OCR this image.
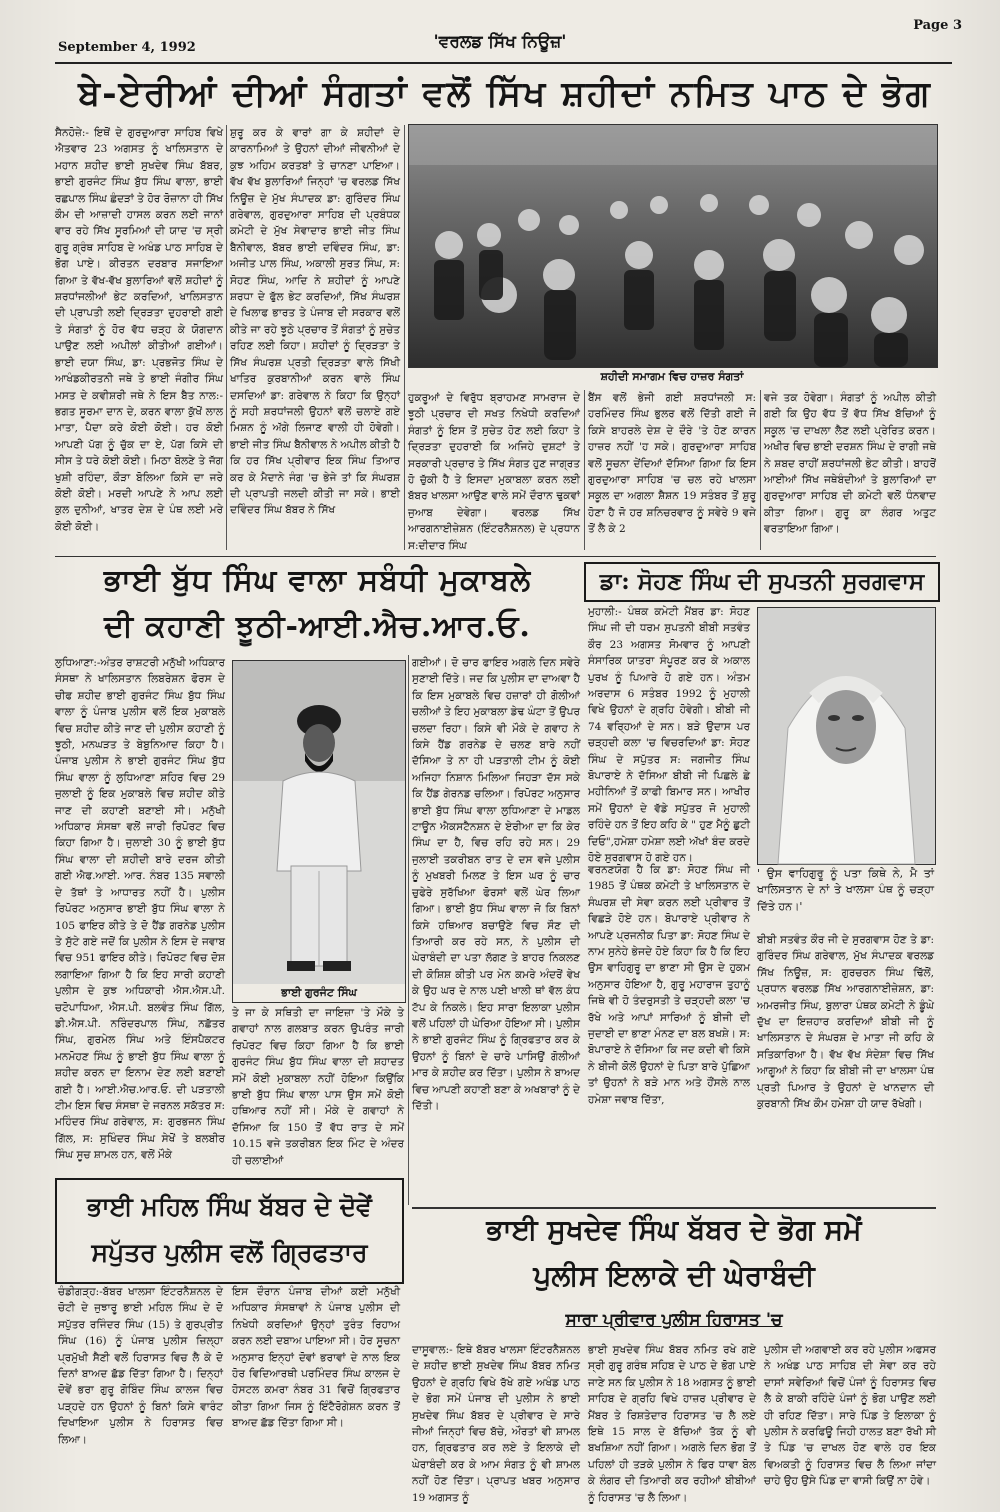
Page 3
September 4, 1992	'ਵਰਲਡ ਸਿੱਖ ਨਿਊਜ਼'
ਬੇ-ਏਰੀਆਂ ਦੀਆਂ ਸੰਗਤਾਂ ਵਲੋਂ ਸਿੱਖ ਸ਼ਹੀਦਾਂ ਨਮਿਤ ਪਾਠ ਦੇ ਭੋਗ
ਸੈਨਹੋਜ਼ੇ:- ਇਥੋਂ ਦੇ ਗੁਰਦੁਆਰਾ ਸਾਹਿਬ ਵਿਖੇ ਐਤਵਾਰ 23 ਅਗਸਤ ਨੂੰ ਖਾਲਿਸਤਾਨ ਦੇ ਮਹਾਨ ਸ਼ਹੀਦ ਭਾਈ ਸੁਖਦੇਵ ਸਿੰਘ ਬੱਬਰ, ਭਾਈ ਗੁਰਜੰਟ ਸਿੰਘ ਬੁੱਧ ਸਿੰਘ ਵਾਲਾ, ਭਾਈ ਰਛਪਾਲ ਸਿੰਘ ਛੰਦੜਾਂ ਤੇ ਹੋਰ ਰੋਜ਼ਾਨਾ ਹੀ ਸਿੱਖ ਕੌਮ ਦੀ ਆਜ਼ਾਦੀ ਹਾਸਲ ਕਰਨ ਲਈ ਜਾਨਾਂ ਵਾਰ ਰਹੇ ਸਿੱਖ ਸੂਰਮਿਆਂ ਦੀ ਯਾਦ 'ਚ ਸ੍ਰੀ ਗੁਰੂ ਗ੍ਰੰਥ ਸਾਹਿਬ ਦੇ ਅਖੰਡ ਪਾਠ ਸਾਹਿਬ ਦੇ ਭੋਗ ਪਾਏ। ਕੀਰਤਨ ਦਰਬਾਰ ਸਜਾਇਆ ਗਿਆ ਤੇ ਵੱਖ-ਵੱਖ ਬੁਲਾਰਿਆਂ ਵਲੋਂ ਸ਼ਹੀਦਾਂ ਨੂੰ ਸ਼ਰਧਾਂਜਲੀਆਂ ਭੇਟ ਕਰਦਿਆਂ, ਖਾਲਿਸਤਾਨ ਦੀ ਪ੍ਰਾਪਤੀ ਲਈ ਦ੍ਰਿੜਤਾ ਦੁਹਰਾਈ ਗਈ ਤੇ ਸੰਗਤਾਂ ਨੂੰ ਹੋਰ ਵੱਧ ਚੜ੍ਹ ਕੇ ਯੋਗਦਾਨ ਪਾਉਣ ਲਈ ਅਪੀਲਾਂ ਕੀਤੀਆਂ ਗਈਆਂ। ਭਾਈ ਦਯਾ ਸਿੰਘ, ਡਾ: ਪ੍ਰਭਜੋਤ ਸਿੰਘ ਦੇ ਆਖੰਡਕੀਰਤਨੀ ਜਥੇ ਤੇ ਭਾਈ ਜੰਗੀਰ ਸਿੰਘ ਮਸਤ ਦੇ ਕਵੀਸ਼ਰੀ ਜਥੇ ਨੇ ਇਸ ਬੈਤ ਨਾਲ:- ਭਗਤ ਸੂਰਮਾ ਦਾਨ ਦੇ, ਕਰਨ ਵਾਲਾ ਕੁੱਖੋਂ ਲਾਲ ਮਾਤਾ, ਪੈਦਾ ਕਰੇ ਕੋਈ ਕੋਈ। ਹਰ ਕੋਈ ਆਪਣੀ ਪੱਗ ਨੂੰ ਚੁੱਕ ਦਾ ਏ, ਪੱਗ ਕਿਸੇ ਦੀ ਸੀਸ ਤੇ ਧਰੇ ਕੋਈ ਕੋਈ। ਮਿਠਾ ਬੋਲਣੇ ਤੇ ਜੱਗ ਖੁਸ਼ੀ ਰਹਿੰਦਾ, ਕੌੜਾ ਬੋਲਿਆ ਕਿਸੇ ਦਾ ਜਰੇ ਕੋਈ ਕੋਈ। ਮਰਦੀ ਆਪਣੇ ਨੇ ਆਪ ਲਈ ਕੁਲ ਦੁਨੀਆਂ, ਖਾਤਰ ਦੇਸ਼ ਦੇ ਪੰਥ ਲਈ ਮਰੇ ਕੋਈ ਕੋਈ।
ਸ਼ੁਰੂ ਕਰ ਕੇ ਵਾਰਾਂ ਗਾ ਕੇ ਸ਼ਹੀਦਾਂ ਦੇ ਕਾਰਨਾਮਿਆਂ ਤੇ ਉਹਨਾਂ ਦੀਆਂ ਜੀਵਨੀਆਂ ਦੇ ਕੁਝ ਅਹਿਮ ਕਰਤਬਾਂ ਤੇ ਚਾਨਣਾ ਪਾਇਆ। ਵੱਖ ਵੱਖ ਬੁਲਾਰਿਆਂ ਜਿਨ੍ਹਾਂ 'ਚ ਵਰਲਡ ਸਿੱਖ ਨਿਊਜ਼ ਦੇ ਮੁੱਖ ਸੰਪਾਦਕ ਡਾ: ਗੁਰਿੰਦਰ ਸਿੰਘ ਗਰੇਵਾਲ, ਗੁਰਦੁਆਰਾ ਸਾਹਿਬ ਦੀ ਪ੍ਰਬੰਧਕ ਕਮੇਟੀ ਦੇ ਮੁੱਖ ਸੇਵਾਦਾਰ ਭਾਈ ਜੀਤ ਸਿੰਘ ਬੈਨੀਵਾਲ, ਬੱਬਰ ਭਾਈ ਦਵਿੰਦਰ ਸਿੰਘ, ਡਾ: ਅਜੀਤ ਪਾਲ ਸਿੰਘ, ਅਕਾਲੀ ਸੁਰਤ ਸਿੰਘ, ਸ: ਸੋਹਣ ਸਿੰਘ, ਆਦਿ ਨੇ ਸ਼ਹੀਦਾਂ ਨੂੰ ਆਪਣੇ ਸ਼ਰਧਾ ਦੇ ਫੁੱਲ ਭੇਟ ਕਰਦਿਆਂ, ਸਿੱਖ ਸੰਘਰਸ਼ ਦੇ ਖਿਲਾਫ ਭਾਰਤ ਤੇ ਪੰਜਾਬ ਦੀ ਸਰਕਾਰ ਵਲੋਂ ਕੀਤੇ ਜਾ ਰਹੇ ਝੂਠੇ ਪ੍ਰਚਾਰ ਤੋਂ ਸੰਗਤਾਂ ਨੂੰ ਸੁਚੇਤ ਰਹਿਣ ਲਈ ਕਿਹਾ। ਸ਼ਹੀਦਾਂ ਨੂੰ ਦ੍ਰਿੜਤਾ ਤੇ ਸਿੱਖ ਸੰਘਰਸ਼ ਪ੍ਰਤੀ ਦ੍ਰਿੜਤਾ ਵਾਲੇ ਸਿੱਖੀ ਖਾਤਿਰ ਕੁਰਬਾਨੀਆਂ ਕਰਨ ਵਾਲੇ ਸਿੰਘ ਦਸਦਿਆਂ ਡਾ: ਗਰੇਵਾਲ ਨੇ ਕਿਹਾ ਕਿ ਉਨ੍ਹਾਂ ਨੂੰ ਸਹੀ ਸ਼ਰਧਾਂਜਲੀ ਉਹਨਾਂ ਵਲੋਂ ਚਲਾਏ ਗਏ ਮਿਸ਼ਨ ਨੂੰ ਅੱਗੇ ਲਿਜਾਣ ਵਾਲੀ ਹੀ ਹੋਵੇਗੀ। ਭਾਈ ਜੀਤ ਸਿੰਘ ਬੈਨੀਵਾਲ ਨੇ ਅਪੀਲ ਕੀਤੀ ਹੈ ਕਿ ਹਰ ਸਿੱਖ ਪ੍ਰੀਵਾਰ ਇਕ ਸਿੰਘ ਤਿਆਰ ਕਰ ਕੇ ਮੈਦਾਨੇ ਜੰਗ 'ਚ ਭੇਜੇ ਤਾਂ ਕਿ ਸੰਘਰਸ਼ ਦੀ ਪ੍ਰਾਪਤੀ ਜਲਦੀ ਕੀਤੀ ਜਾ ਸਕੇ। ਭਾਈ ਦਵਿੰਦਰ ਸਿੰਘ ਬੱਬਰ ਨੇ ਸਿੱਖ
ਸ਼ਹੀਦੀ ਸਮਾਗਮ ਵਿਚ ਹਾਜ਼ਰ ਸੰਗਤਾਂ
ਹੁਕਰੂਆਂ ਦੇ ਵਿਰੁੱਧ ਬ੍ਰਾਹਮਣ ਸਾਮਰਾਜ ਦੇ ਝੂਠੀ ਪ੍ਰਚਾਰ ਦੀ ਸਖਤ ਨਿਖੇਧੀ ਕਰਦਿਆਂ ਸੰਗਤਾਂ ਨੂੰ ਇਸ ਤੋਂ ਸੁਚੇਤ ਹੋਣ ਲਈ ਕਿਹਾ ਤੇ ਦ੍ਰਿੜਤਾ ਦੁਹਰਾਈ ਕਿ ਅਜਿਹੇ ਦੁਸ਼ਟਾਂ ਤੇ ਸਰਕਾਰੀ ਪ੍ਰਚਾਰ ਤੇ ਸਿੱਖ ਸੰਗਤ ਹੁਣ ਜਾਗ੍ਰਤ ਹੋ ਚੁੱਕੀ ਹੈ ਤੇ ਇਸਦਾ ਮੁਕਾਬਲਾ ਕਰਨ ਲਈ ਬੱਬਰ ਖਾਲਸਾ ਆਉਣ ਵਾਲੇ ਸਮੇਂ ਦੌਰਾਨ ਢੁਕਵਾਂ ਜੁਆਬ ਦੇਵੇਗਾ। ਵਰਲਡ ਸਿੱਖ ਆਰਗਨਾਈਜ਼ੇਸ਼ਨ (ਇੰਟਰਨੈਸ਼ਨਲ) ਦੇ ਪ੍ਰਧਾਨ ਸ:ਦੀਦਾਰ ਸਿੰਘ
ਬੈਂਸ ਵਲੋਂ ਭੇਜੀ ਗਈ ਸ਼ਰਧਾਂਜਲੀ ਸ: ਹਰਮਿੰਦਰ ਸਿੰਘ ਭੁਲਰ ਵਲੋਂ ਦਿੱਤੀ ਗਈ ਜੋ ਕਿਸੇ ਬਾਹਰਲੇ ਦੇਸ਼ ਦੇ ਦੌਰੇ 'ਤੇ ਹੋਣ ਕਾਰਨ ਹਾਜ਼ਰ ਨਹੀਂ 'ਹ ਸਕੇ। ਗੁਰਦੁਆਰਾ ਸਾਹਿਬ ਵਲੋਂ ਸੂਚਨਾ ਦੇਂਦਿਆਂ ਦੱਸਿਆ ਗਿਆ ਕਿ ਇਸ ਗੁਰਦੁਆਰਾ ਸਾਹਿਬ 'ਚ ਚਲ ਰਹੇ ਖਾਲਸਾ ਸਕੂਲ ਦਾ ਅਗਲਾ ਸ਼ੈਸ਼ਨ 19 ਸਤੰਬਰ ਤੋਂ ਸ਼ੁਰੂ ਹੋਣਾ ਹੈ ਜੋ ਹਰ ਸ਼ਨਿਚਰਵਾਰ ਨੂੰ ਸਵੇਰੇ 9 ਵਜੇ ਤੋਂ ਲੈ ਕੇ 2
ਵਜੇ ਤਕ ਹੋਵੇਗਾ। ਸੰਗਤਾਂ ਨੂੰ ਅਪੀਲ ਕੀਤੀ ਗਈ ਕਿ ਉਹ ਵੱਧ ਤੋਂ ਵੱਧ ਸਿੱਖ ਬੱਚਿਆਂ ਨੂੰ ਸਕੂਲ 'ਚ ਦਾਖਲਾ ਲੈਣ ਲਈ ਪ੍ਰੇਰਿਤ ਕਰਨ। ਅਖੀਰ ਵਿਚ ਭਾਈ ਦਰਸ਼ਨ ਸਿੰਘ ਦੇ ਰਾਗੀ ਜਥੇ ਨੇ ਸ਼ਬਦ ਰਾਹੀਂ ਸ਼ਰਧਾਂਜਲੀ ਭੇਟ ਕੀਤੀ। ਬਾਹਰੋਂ ਆਈਆਂ ਸਿੱਖ ਜਥੇਬੰਦੀਆਂ ਤੇ ਬੁਲਾਰਿਆਂ ਦਾ ਗੁਰਦੁਆਰਾ ਸਾਹਿਬ ਦੀ ਕਮੇਟੀ ਵਲੋਂ ਧੰਨਵਾਦ ਕੀਤਾ ਗਿਆ। ਗੁਰੂ ਕਾ ਲੰਗਰ ਅਤੁਟ ਵਰਤਾਇਆ ਗਿਆ।
ਭਾਈ ਬੁੱਧ ਸਿੰਘ ਵਾਲਾ ਸਬੰਧੀ ਮੁਕਾਬਲੇ
ਦੀ ਕਹਾਣੀ ਝੂਠੀ-ਆਈ.ਐਚ.ਆਰ.ਓ.
ਲੁਧਿਆਣਾ:-ਅੰਤਰ ਰਾਸ਼ਟਰੀ ਮਨੁੱਖੀ ਅਧਿਕਾਰ ਸੰਸਥਾ ਨੇ ਖਾਲਿਸਤਾਨ ਲਿਬਰੇਸ਼ਨ ਫੋਰਸ ਦੇ ਚੀਫ ਸ਼ਹੀਦ ਭਾਈ ਗੁਰਜੰਟ ਸਿੰਘ ਬੁੱਧ ਸਿੰਘ ਵਾਲਾ ਨੂੰ ਪੰਜਾਬ ਪੁਲੀਸ ਵਲੋਂ ਇਕ ਮੁਕਾਬਲੇ ਵਿਚ ਸ਼ਹੀਦ ਕੀਤੇ ਜਾਣ ਦੀ ਪੁਲੀਸ ਕਹਾਣੀ ਨੂੰ ਝੂਠੀ, ਮਨਘੜਤ ਤੇ ਬੇਬੁਨਿਆਦ ਕਿਹਾ ਹੈ। ਪੰਜਾਬ ਪੁਲੀਸ ਨੇ ਭਾਈ ਗੁਰਜੰਟ ਸਿੰਘ ਬੁੱਧ ਸਿੰਘ ਵਾਲਾ ਨੂੰ ਲੁਧਿਆਣਾ ਸ਼ਹਿਰ ਵਿਚ 29 ਜੁਲਾਈ ਨੂੰ ਇਕ ਮੁਕਾਬਲੇ ਵਿਚ ਸ਼ਹੀਦ ਕੀਤੇ ਜਾਣ ਦੀ ਕਹਾਣੀ ਬਣਾਈ ਸੀ। ਮਨੁੱਖੀ ਅਧਿਕਾਰ ਸੰਸਥਾ ਵਲੋਂ ਜਾਰੀ ਰਿਪੋਰਟ ਵਿਚ ਕਿਹਾ ਗਿਆ ਹੈ। ਜੁਲਾਈ 30 ਨੂੰ ਭਾਈ ਬੁੱਧ ਸਿੰਘ ਵਾਲਾ ਦੀ ਸ਼ਹੀਦੀ ਬਾਰੇ ਦਰਜ ਕੀਤੀ ਗਈ ਐਫ.ਆਈ. ਆਰ. ਨੰਬਰ 135 ਸਵਾਲੀ ਦੇ ਤੱਥਾਂ ਤੇ ਆਧਾਰਤ ਨਹੀਂ ਹੈ। ਪੁਲੀਸ ਰਿਪੋਰਟ ਅਨੁਸਾਰ ਭਾਈ ਬੁੱਧ ਸਿੰਘ ਵਾਲਾ ਨੇ 105 ਫਾਇਰ ਕੀਤੇ ਤੇ ਦੋ ਹੈਂਡ ਗਰਨੇਡ ਪੁਲੀਸ ਤੇ ਸੁੱਟੇ ਗਏ ਜਦੋਂ ਕਿ ਪੁਲੀਸ ਨੇ ਇਸ ਦੇ ਜਵਾਬ ਵਿਚ 951 ਫਾਇਰ ਕੀਤੇ। ਰਿਪੋਰਟ ਵਿਚ ਦੋਸ਼ ਲਗਾਇਆ ਗਿਆ ਹੈ ਕਿ ਇਹ ਸਾਰੀ ਕਹਾਣੀ ਪੁਲੀਸ ਦੇ ਕੁਝ ਅਧਿਕਾਰੀ ਐਸ.ਐਸ.ਪੀ. ਚਟੋਪਾਧਿਆ, ਐਸ.ਪੀ. ਬਲਵੰਤ ਸਿੰਘ ਗਿੱਲ, ਡੀ.ਐਸ.ਪੀ. ਨਰਿੰਦਰਪਾਲ ਸਿੰਘ, ਨਛੱਤਰ ਸਿੰਘ, ਗੁਰਮੇਲ ਸਿੰਘ ਅਤੇ ਇੰਸਪੈਕਟਰ ਮਨਮੋਹਣ ਸਿੰਘ ਨੂੰ ਭਾਈ ਬੁੱਧ ਸਿੰਘ ਵਾਲਾ ਨੂੰ ਸ਼ਹੀਦ ਕਰਨ ਦਾ ਇਨਾਮ ਦੇਣ ਲਈ ਬਣਾਈ ਗਈ ਹੈ। ਆਈ.ਐਚ.ਆਰ.ਓ. ਦੀ ਪੜਤਾਲੀ ਟੀਮ ਇਸ ਵਿਚ ਸੰਸਥਾ ਦੇ ਜਰਨਲ ਸਕੱਤਰ ਸ: ਮਹਿੰਦਰ ਸਿੰਘ ਗਰੇਵਾਲ, ਸ: ਗੁਰਭਜਨ ਸਿੰਘ ਗਿੱਲ, ਸ: ਸੁਖਿੰਦਰ ਸਿੰਘ ਸੇਖੋਂ ਤੇ ਬਲਬੀਰ ਸਿੰਘ ਸੂਚ ਸ਼ਾਮਲ ਹਨ, ਵਲੋਂ ਮੌਕੇ
ਭਾਈ ਗੁਰਜੰਟ ਸਿੰਘ
ਤੇ ਜਾ ਕੇ ਸਥਿਤੀ ਦਾ ਜਾਇਜ਼ਾ 'ਤੇ ਮੌਕੇ ਤੇ ਗਵਾਹਾਂ ਨਾਲ ਗਲਬਾਤ ਕਰਨ ਉਪਰੰਤ ਜਾਰੀ ਰਿਪੋਰਟ ਵਿਚ ਕਿਹਾ ਗਿਆ ਹੈ ਕਿ ਭਾਈ ਗੁਰਜੰਟ ਸਿੰਘ ਬੁੱਧ ਸਿੰਘ ਵਾਲਾ ਦੀ ਸ਼ਹਾਦਤ ਸਮੇਂ ਕੋਈ ਮੁਕਾਬਲਾ ਨਹੀਂ ਹੋਇਆ ਕਿਉਂਕਿ ਭਾਈ ਬੁੱਧ ਸਿੰਘ ਵਾਲਾ ਪਾਸ ਉਸ ਸਮੇਂ ਕੋਈ ਹਥਿਆਰ ਨਹੀਂ ਸੀ। ਮੌਕੇ ਦੇ ਗਵਾਹਾਂ ਨੇ ਦੱਸਿਆ ਕਿ 150 ਤੋਂ ਵੱਧ ਰਾਤ ਦੇ ਸਮੇਂ 10.15 ਵਜੇ ਤਕਰੀਬਨ ਇਕ ਮਿੰਟ ਦੇ ਅੰਦਰ ਹੀ ਚਲਾਈਆਂ
ਗਈਆਂ। ਦੋ ਚਾਰ ਫਾਇਰ ਅਗਲੇ ਦਿਨ ਸਵੇਰੇ ਸੁਣਾਈ ਦਿੱਤੇ। ਜਦ ਕਿ ਪੁਲੀਸ ਦਾ ਦਾਅਵਾ ਹੈ ਕਿ ਇਸ ਮੁਕਾਬਲੇ ਵਿਚ ਹਜ਼ਾਰਾਂ ਹੀ ਗੋਲੀਆਂ ਚਲੀਆਂ ਤੇ ਇਹ ਮੁਕਾਬਲਾ ਡੇਢ ਘੰਟਾ ਤੋਂ ਉਪਰ ਚਲਦਾ ਰਿਹਾ। ਕਿਸੇ ਵੀ ਮੌਕੇ ਦੇ ਗਵਾਹ ਨੇ ਕਿਸੇ ਹੈਂਡ ਗਰਨੇਡ ਦੇ ਚਲਣ ਬਾਰੇ ਨਹੀਂ ਦੱਸਿਆ ਤੇ ਨਾ ਹੀ ਪੜਤਾਲੀ ਟੀਮ ਨੂੰ ਕੋਈ ਅਜਿਹਾ ਨਿਸ਼ਾਨ ਮਿਲਿਆ ਜਿਹੜਾ ਦੱਸ ਸਕੇ ਕਿ ਹੈਂਡ ਗੇਰਨਡ ਚਲਿਆ। ਰਿਪੋਰਟ ਅਨੁਸਾਰ ਭਾਈ ਬੁੱਧ ਸਿੰਘ ਵਾਲਾ ਲੁਧਿਆਣਾ ਦੇ ਮਾਡਲ ਟਾਊਨ ਐਕਸਟੈਨਸ਼ਨ ਦੇ ਏਰੀਆ ਦਾ ਕਿ ਕੇਰ ਸਿੰਘ ਦਾ ਹੈ, ਵਿਚ ਰਹਿ ਰਹੇ ਸਨ। 29 ਜੁਲਾਈ ਤਕਰੀਬਨ ਰਾਤ ਦੇ ਦਸ ਵਜੇ ਪੁਲੀਸ ਨੂੰ ਮੁਖਬਰੀ ਮਿਲਣ ਤੇ ਇਸ ਘਰ ਨੂੰ ਚਾਰ ਚੁਫੇਰੇ ਸੁਰੱਖਿਆ ਫੋਰਸਾਂ ਵਲੋਂ ਘੇਰ ਲਿਆ ਗਿਆ। ਭਾਈ ਬੁੱਧ ਸਿੰਘ ਵਾਲਾ ਜੋ ਕਿ ਬਿਨਾਂ ਕਿਸੇ ਹਥਿਆਰ ਬਚਾਉਣੇ ਵਿਚ ਸੌਣ ਦੀ ਤਿਆਰੀ ਕਰ ਰਹੇ ਸਨ, ਨੇ ਪੁਲੀਸ ਦੀ ਘੇਰਾਬੰਦੀ ਦਾ ਪਤਾ ਲੱਗਣ ਤੇ ਬਾਹਰ ਨਿਕਲਣ ਦੀ ਕੋਸ਼ਿਸ਼ ਕੀਤੀ ਪਰ ਮੇਨ ਕਮਰੇ ਅੰਦਰੋਂ ਵੇਖ ਕੇ ਉਹ ਘਰ ਦੇ ਨਾਲ ਪਈ ਖਾਲੀ ਥਾਂ ਵੱਲ ਕੰਧ ਟੱਪ ਕੇ ਨਿਕਲੇ। ਇਹ ਸਾਰਾ ਇਲਾਕਾ ਪੁਲੀਸ ਵਲੋਂ ਪਹਿਲਾਂ ਹੀ ਘੇਰਿਆ ਹੋਇਆ ਸੀ। ਪੁਲੀਸ ਨੇ ਭਾਈ ਗੁਰਜੰਟ ਸਿੰਘ ਨੂੰ ਗ੍ਰਿਫਤਾਰ ਕਰ ਕੇ ਉਹਨਾਂ ਨੂੰ ਬਿਨਾਂ ਦੇ ਚਾਰੇ ਪਾਸਿਉਂ ਗੋਲੀਆਂ ਮਾਰ ਕੇ ਸ਼ਹੀਦ ਕਰ ਦਿੱਤਾ। ਪੁਲੀਸ ਨੇ ਬਾਅਦ ਵਿਚ ਆਪਣੀ ਕਹਾਣੀ ਬਣਾ ਕੇ ਅਖਬਾਰਾਂ ਨੂੰ ਦੇ ਦਿੱਤੀ।
ਡਾ: ਸੋਹਣ ਸਿੰਘ ਦੀ ਸੁਪਤਨੀ ਸੁਰਗਵਾਸ
ਮੁਹਾਲੀ:- ਪੰਥਕ ਕਮੇਟੀ ਮੈਂਬਰ ਡਾ: ਸੋਹਣ ਸਿੰਘ ਜੀ ਦੀ ਧਰਮ ਸੁਪਤਨੀ ਬੀਬੀ ਸਤਵੰਤ ਕੌਰ 23 ਅਗਸਤ ਸੋਮਵਾਰ ਨੂੰ ਆਪਣੀ ਸੰਸਾਰਿਕ ਯਾਤਰਾ ਸੰਪੂਰਣ ਕਰ ਕੇ ਅਕਾਲ ਪੁਰਖ ਨੂੰ ਪਿਆਰੇ ਹੋ ਗਏ ਹਨ। ਅੰਤਮ ਅਰਦਾਸ 6 ਸਤੰਬਰ 1992 ਨੂੰ ਮੁਹਾਲੀ ਵਿਖੇ ਉਹਨਾਂ ਦੇ ਗ੍ਰਹਿ ਹੋਵੇਗੀ। ਬੀਬੀ ਜੀ 74 ਵਰ੍ਹਿਆਂ ਦੇ ਸਨ। ਬੜੇ ਉਦਾਸ ਪਰ ਚੜ੍ਹਦੀ ਕਲਾ 'ਚ ਵਿਚਰਦਿਆਂ ਡਾ: ਸੋਹਣ ਸਿੰਘ ਦੇ ਸਪੁੱਤਰ ਸ: ਜਗਜੀਤ ਸਿੰਘ ਬੋਪਾਰਾਏ ਨੇ ਦੱਸਿਆ ਬੀਬੀ ਜੀ ਪਿਛਲੇ ਛੇ ਮਹੀਨਿਆਂ ਤੋਂ ਕਾਫੀ ਬਿਮਾਰ ਸਨ। ਆਖੀਰ ਸਮੇਂ ਉਹਨਾਂ ਦੇ ਵੱਡੇ ਸਪੁੱਤਰ ਜੋ ਮੁਹਾਲੀ ਰਹਿੰਦੇ ਹਨ ਤੋਂ ਇਹ ਕਹਿ ਕੇ " ਹੁਣ ਮੈਨੂੰ ਛੁਟੀ ਦਿਓ",ਹਮੇਸ਼ਾ ਹਮੇਸ਼ਾ ਲਈ ਅੱਖਾਂ ਬੰਦ ਕਰਦੇ ਹੋਏ ਸੁਰਗਵਾਸ ਹੋ ਗਏ ਹਨ।
ਵਰਨਣਯੋਗ ਹੈ ਕਿ ਡਾ: ਸੋਹਣ ਸਿੰਘ ਜੀ 1985 ਤੋਂ ਪੰਥਕ ਕਮੇਟੀ ਤੇ ਖਾਲਿਸਤਾਨ ਦੇ ਸੰਘਰਸ਼ ਦੀ ਸੇਵਾ ਕਰਨ ਲਈ ਪ੍ਰੀਵਾਰ ਤੋਂ ਵਿਛੜੇ ਹੋਏ ਹਨ। ਬੋਪਾਰਾਏ ਪ੍ਰੀਵਾਰ ਨੇ ਆਪਣੇ ਪ੍ਰਜਨੀਕ ਪਿਤਾ ਡਾ: ਸੋਹਣ ਸਿੰਘ ਦੇ ਨਾਮ ਸੁਨੇਹੇ ਭੇਜਦੇ ਹੋਏ ਕਿਹਾ ਕਿ ਹੈ ਕਿ ਇਹ ਉਸ ਵਾਹਿਗੁਰੂ ਦਾ ਭਾਣਾ ਸੀ ਉਸ ਦੇ ਹੁਕਮ ਅਨੁਸਾਰ ਹੋਇਆ ਹੈ, ਗੁਰੂ ਮਹਾਰਾਜ ਤੁਹਾਨੂੰ ਜਿਥੇ ਵੀ ਹੋ ਤੰਦਰੁਸਤੀ ਤੇ ਚੜ੍ਹਦੀ ਕਲਾ 'ਚ ਰੱਖੇ ਅਤੇ ਆਪਾਂ ਸਾਰਿਆਂ ਨੂੰ ਬੀਜੀ ਦੀ ਜੁਦਾਈ ਦਾ ਭਾਣਾ ਮੰਨਣ ਦਾ ਬਲ ਬਖਸ਼ੇ। ਸ: ਬੋਪਾਰਾਏ ਨੇ ਦੱਸਿਆ ਕਿ ਜਦ ਕਦੀ ਵੀ ਕਿਸੇ ਨੇ ਬੀਜੀ ਕੋਲੋਂ ਉਹਨਾਂ ਦੇ ਪਿਤਾ ਬਾਰੇ ਪੁੱਛਿਆ ਤਾਂ ਉਹਨਾਂ ਨੇ ਬੜੇ ਮਾਨ ਅਤੇ ਹੌਂਸਲੇ ਨਾਲ ਹਮੇਸ਼ਾ ਜਵਾਬ ਦਿੱਤਾ,
' ਉਸ ਵਾਹਿਗੁਰੂ ਨੂੰ ਪਤਾ ਕਿਥੇ ਨੇ, ਮੈ ਤਾਂ ਖਾਲਿਸਤਾਨ ਦੇ ਨਾਂ ਤੇ ਖਾਲਸਾ ਪੰਥ ਨੂੰ ਚੜ੍ਹਾ ਦਿੱਤੇ ਹਨ।'
ਬੀਬੀ ਸਤਵੰਤ ਕੌਰ ਜੀ ਦੇ ਸੁਰਗਵਾਸ ਹੋਣ ਤੇ ਡਾ: ਗੁਰਿੰਦਰ ਸਿੰਘ ਗਰੇਵਾਲ, ਮੁੱਖ ਸੰਪਾਦਕ ਵਰਲਡ ਸਿੱਖ ਨਿਊਜ਼, ਸ: ਗੁਰਚਰਨ ਸਿੰਘ ਢਿੱਲੋਂ, ਪ੍ਰਧਾਨ ਵਰਲਡ ਸਿੱਖ ਆਰਗਨਾਈਜ਼ੇਸ਼ਨ, ਡਾ: ਅਮਰਜੀਤ ਸਿੰਘ, ਬੁਲਾਰਾ ਪੰਥਕ ਕਮੇਟੀ ਨੇ ਡੂੰਘੇ ਦੁੱਖ ਦਾ ਇਜ਼ਹਾਰ ਕਰਦਿਆਂ ਬੀਬੀ ਜੀ ਨੂੰ ਖਾਲਿਸਤਾਨ ਦੇ ਸੰਘਰਸ਼ ਦੇ ਮਾਤਾ ਜੀ ਕਹਿ ਕੇ ਸਤਿਕਾਰਿਆ ਹੈ। ਵੱਖ ਵੱਖ ਸੰਦੇਸ਼ਾ ਵਿਚ ਸਿੱਖ ਆਗੂਆਂ ਨੇ ਕਿਹਾ ਕਿ ਬੀਬੀ ਜੀ ਦਾ ਖਾਲਸਾ ਪੰਥ ਪ੍ਰਤੀ ਪਿਆਰ ਤੇ ਉਹਨਾਂ ਦੇ ਖਾਨਦਾਨ ਦੀ ਕੁਰਬਾਨੀ ਸਿੱਖ ਕੌਮ ਹਮੇਸ਼ਾ ਹੀ ਯਾਦ ਰੱਖੇਗੀ।
ਭਾਈ ਮਹਿਲ ਸਿੰਘ ਬੱਬਰ ਦੇ ਦੋਵੇਂ
ਸਪੁੱਤਰ ਪੁਲੀਸ ਵਲੋਂ ਗ੍ਰਿਫਤਾਰ
ਚੰਡੀਗੜ੍ਹ:-ਬੱਬਰ ਖਾਲਸਾ ਇੰਟਰਨੈਸ਼ਨਲ ਦੇ ਚੋਟੀ ਦੇ ਜੁਝਾਰੂ ਭਾਈ ਮਹਿਲ ਸਿੰਘ ਦੇ ਦੋ ਸਪੁੱਤਰ ਰਜਿੰਦਰ ਸਿੰਘ (15) ਤੇ ਗੁਰਪ੍ਰੀਤ ਸਿੰਘ (16) ਨੂੰ ਪੰਜਾਬ ਪੁਲੀਸ ਜ਼ਿਲ੍ਹਾ ਪ੍ਰਮੁੱਖੀ ਸੈਣੀ ਵਲੋਂ ਹਿਰਾਸਤ ਵਿਚ ਲੈ ਕੇ ਦੋ ਦਿਨਾਂ ਬਾਅਦ ਛੱਡ ਦਿੱਤਾ ਗਿਆ ਹੈ। ਦਿਨ੍ਹਾਂ ਦੋਵੇਂ ਭਰਾ ਗੁਰੂ ਗੋਬਿੰਦ ਸਿੰਘ ਕਾਲਜ ਵਿਚ ਪੜ੍ਹਦੇ ਹਨ ਉਹਨਾਂ ਨੂੰ ਬਿਨਾਂ ਕਿਸੇ ਵਾਰੰਟ ਦਿਖਾਇਆ ਪੁਲੀਸ ਨੇ ਹਿਰਾਸਤ ਵਿਚ ਲਿਆ।
ਇਸ ਦੌਰਾਨ ਪੰਜਾਬ ਦੀਆਂ ਕਈ ਮਨੁੱਖੀ ਅਧਿਕਾਰ ਸੰਸਥਾਵਾਂ ਨੇ ਪੰਜਾਬ ਪੁਲੀਸ ਦੀ ਨਿਖੇਧੀ ਕਰਦਿਆਂ ਉਨ੍ਹਾਂ ਤੁਰੰਤ ਰਿਹਾਅ ਕਰਨ ਲਈ ਦਬਾਅ ਪਾਇਆ ਸੀ। ਹੋਰ ਸੂਚਨਾ ਅਨੁਸਾਰ ਇਨ੍ਹਾਂ ਦੋਵਾਂ ਭਰਾਵਾਂ ਦੇ ਨਾਲ ਇਕ ਹੋਰ ਵਿਦਿਆਰਥੀ ਪਰਮਿੰਦਰ ਸਿੰਘ ਕਾਲਜ ਦੇ ਹੋਸਟਲ ਕਮਰਾ ਨੰਬਰ 31 ਵਿਚੋਂ ਗ੍ਰਿਫਤਾਰ ਕੀਤਾ ਗਿਆ ਜਿਸ ਨੂੰ ਇੰਟੈਰੋਗੇਸ਼ਨ ਕਰਨ ਤੋਂ ਬਾਅਦ ਛੱਡ ਦਿੱਤਾ ਗਿਆ ਸੀ।
ਭਾਈ ਸੁਖਦੇਵ ਸਿੰਘ ਬੱਬਰ ਦੇ ਭੋਗ ਸਮੇਂ
ਪੁਲੀਸ ਇਲਾਕੇ ਦੀ ਘੇਰਾਬੰਦੀ
ਸਾਰਾ ਪ੍ਰੀਵਾਰ ਪੁਲੀਸ ਹਿਰਾਸਤ 'ਚ
ਦਾਸੂਵਾਲ:- ਇਥੇ ਬੱਬਰ ਖਾਲਸਾ ਇੰਟਰਨੈਸ਼ਨਲ ਦੇ ਸ਼ਹੀਦ ਭਾਈ ਸੁਖਦੇਵ ਸਿੰਘ ਬੱਬਰ ਨਮਿਤ ਉਹਨਾਂ ਦੇ ਗ੍ਰਹਿ ਵਿਖੇ ਰੱਖੇ ਗਏ ਅਖੰਡ ਪਾਠ ਦੇ ਭੋਗ ਸਮੇਂ ਪੰਜਾਬ ਦੀ ਪੁਲੀਸ ਨੇ ਭਾਈ ਸੁਖਦੇਵ ਸਿੰਘ ਬੱਬਰ ਦੇ ਪ੍ਰੀਵਾਰ ਦੇ ਸਾਰੇ ਜੀਆਂ ਜਿਨ੍ਹਾਂ ਵਿਚ ਬੱਚੇ, ਔਰਤਾਂ ਵੀ ਸ਼ਾਮਲ ਹਨ, ਗ੍ਰਿਫਤਾਰ ਕਰ ਲਏ ਤੇ ਇਲਾਕੇ ਦੀ ਘੇਰਾਬੰਦੀ ਕਰ ਕੇ ਆਮ ਸੰਗਤ ਨੂੰ ਵੀ ਸ਼ਾਮਲ ਨਹੀਂ ਹੋਣ ਦਿੱਤਾ। ਪ੍ਰਾਪਤ ਖਬਰ ਅਨੁਸਾਰ 19 ਅਗਸਤ ਨੂੰ
ਭਾਈ ਸੁਖਦੇਵ ਸਿੰਘ ਬੱਬਰ ਨਮਿਤ ਰਖੇ ਗਏ ਸ੍ਰੀ ਗੁਰੂ ਗਰੰਥ ਸਹਿਬ ਦੇ ਪਾਠ ਦੇ ਭੋਗ ਪਾਏ ਜਾਣੇ ਸਨ ਕਿ ਪੁਲੀਸ ਨੇ 18 ਅਗਸਤ ਨੂੰ ਭਾਈ ਸਾਹਿਬ ਦੇ ਗ੍ਰਹਿ ਵਿਖੇ ਹਾਜ਼ਰ ਪ੍ਰੀਵਾਰ ਦੇ ਮੈਂਬਰ ਤੇ ਰਿਸ਼ਤੇਦਾਰ ਹਿਰਾਸਤ 'ਚ ਲੈ ਲਏ ਇਥੇ 15 ਸਾਲ ਦੇ ਬੱਚਿਆਂ ਤੱਕ ਨੂੰ ਵੀ ਬਖਸ਼ਿਆ ਨਹੀਂ ਗਿਆ। ਅਗਲੇ ਦਿਨ ਭੋਗ ਤੋਂ ਪਹਿਲਾਂ ਹੀ ਤੜਕੇ ਪੁਲੀਸ ਨੇ ਫਿਰ ਧਾਵਾ ਬੋਲ ਕੇ ਲੰਗਰ ਦੀ ਤਿਆਰੀ ਕਰ ਰਹੀਆਂ ਬੀਬੀਆਂ ਨੂੰ ਹਿਰਾਸਤ 'ਚ ਲੈ ਲਿਆ।
ਪੁਲੀਸ ਦੀ ਅਗਵਾਈ ਕਰ ਰਹੇ ਪੁਲੀਸ ਅਫਸਰ ਨੇ ਅਖੰਡ ਪਾਠ ਸਾਹਿਬ ਦੀ ਸੇਵਾ ਕਰ ਰਹੇ ਦਾਸਾਂ ਸਵੇਰਿਆਂ ਵਿਚੋਂ ਪੰਜਾਂ ਨੂੰ ਹਿਰਾਸਤ ਵਿਚ ਲੈ ਕੇ ਬਾਕੀ ਰਹਿੰਦੇ ਪੰਜਾਂ ਨੂੰ ਭੋਗ ਪਾਉਣ ਲਈ ਹੀ ਰਹਿਣ ਦਿੱਤਾ। ਸਾਰੇ ਪਿੰਡ ਤੇ ਇਲਾਕਾ ਨੂੰ ਪੁਲੀਸ ਨੇ ਕਰਫਿਊ ਜਿਹੀ ਹਾਲਤ ਬਣਾ ਰੱਖੀ ਸੀ ਤੇ ਪਿੰਡ 'ਚ ਦਾਖਲ ਹੋਣ ਵਾਲੇ ਹਰ ਇਕ ਵਿਅਕਤੀ ਨੂੰ ਹਿਰਾਸਤ ਵਿਚ ਲੈ ਲਿਆ ਜਾਂਦਾ ਚਾਹੇ ਉਹ ਉਸੇ ਪਿੰਡ ਦਾ ਵਾਸੀ ਕਿਉਂ ਨਾ ਹੋਵੇ।
